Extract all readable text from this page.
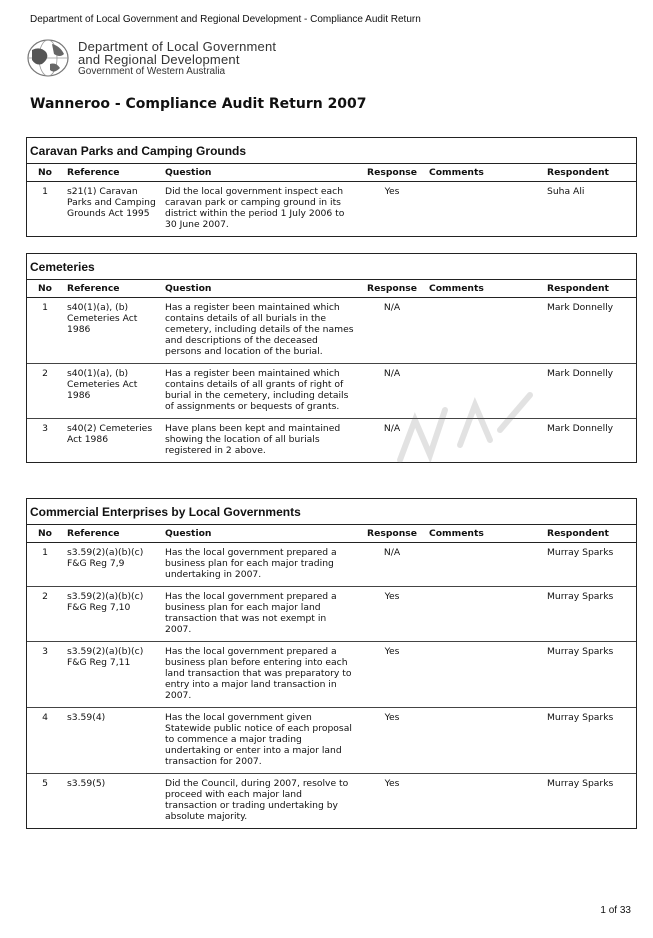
Department of Local Government and Regional Development - Compliance Audit Return
Department of Local Government
and Regional Development
Government of Western Australia
Wanneroo - Compliance Audit Return 2007
Caravan Parks and Camping Grounds
No	Reference	Question	Response	Comments	Respondent
1	s21(1) Caravan Parks and Camping Grounds Act 1995	Did the local government inspect each caravan park or camping ground in its district within the period 1 July 2006 to 30 June 2007.	Yes		Suha Ali
Cemeteries
No	Reference	Question	Response	Comments	Respondent
1	s40(1)(a), (b) Cemeteries Act 1986	Has a register been maintained which contains details of all burials in the cemetery, including details of the names and descriptions of the deceased persons and location of the burial.	N/A		Mark Donnelly
2	s40(1)(a), (b) Cemeteries Act 1986	Has a register been maintained which contains details of all grants of right of burial in the cemetery, including details of assignments or bequests of grants.	N/A		Mark Donnelly
3	s40(2) Cemeteries Act 1986	Have plans been kept and maintained showing the location of all burials registered in 2 above.	N/A		Mark Donnelly
Commercial Enterprises by Local Governments
No	Reference	Question	Response	Comments	Respondent
1	s3.59(2)(a)(b)(c) F&G Reg 7,9	Has the local government prepared a business plan for each major trading undertaking in 2007.	N/A		Murray Sparks
2	s3.59(2)(a)(b)(c) F&G Reg 7,10	Has the local government prepared a business plan for each major land transaction that was not exempt in 2007.	Yes		Murray Sparks
3	s3.59(2)(a)(b)(c) F&G Reg 7,11	Has the local government prepared a business plan before entering into each land transaction that was preparatory to entry into a major land transaction in 2007.	Yes		Murray Sparks
4	s3.59(4)	Has the local government given Statewide public notice of each proposal to commence a major trading undertaking or enter into a major land transaction for 2007.	Yes		Murray Sparks
5	s3.59(5)	Did the Council, during 2007, resolve to proceed with each major land transaction or trading undertaking by absolute majority.	Yes		Murray Sparks
1 of 33
